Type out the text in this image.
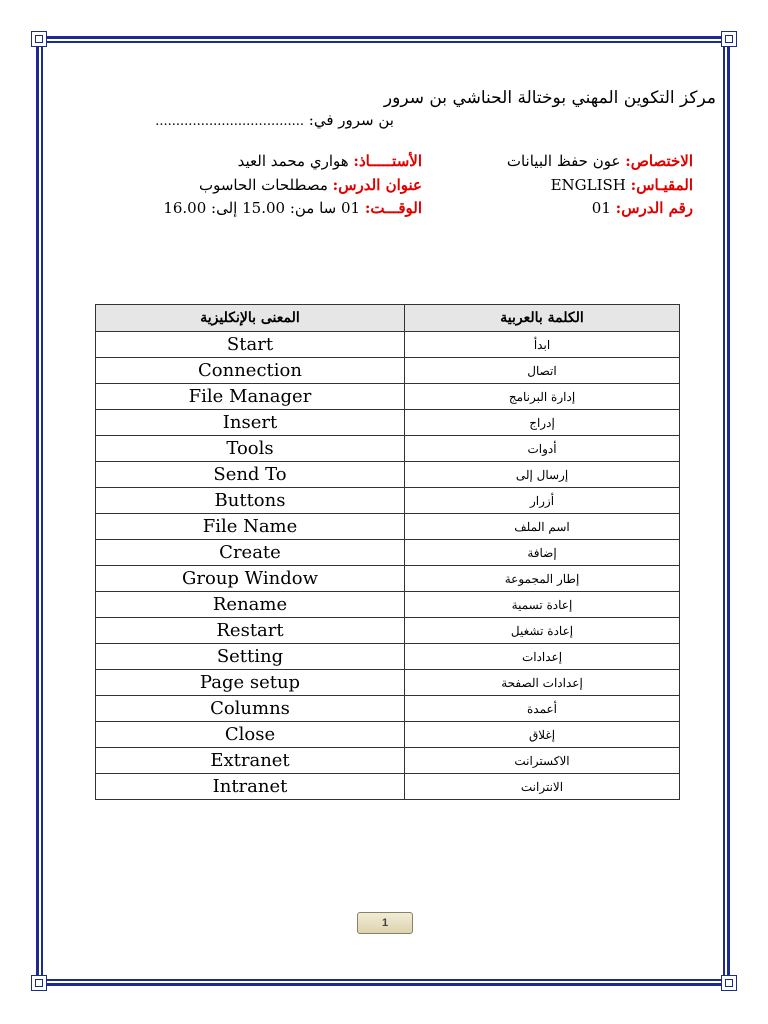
مركز التكوين المهني بوختالة الحناشي بن سرور
بن سرور في: ....................................
الاختصاص: عون حفظ البيانات
المقيـاس: ENGLISH
رقم الدرس: 01
الأستـــــاذ: هواري محمد العيد
عنوان الدرس: مصطلحات الحاسوب
الوقـــت: 01 سا من: 15.00 إلى: 16.00
المعنى بالإنكليزية	الكلمة بالعربية
Start	ابدأ
Connection	اتصال
File Manager	إدارة البرنامج
Insert	إدراج
Tools	أدوات
Send To	إرسال إلى
Buttons	أزرار
File Name	اسم الملف
Create	إضافة
Group Window	إطار المجموعة
Rename	إعادة تسمية
Restart	إعادة تشغيل
Setting	إعدادات
Page setup	إعدادات الصفحة
Columns	أعمدة
Close	إغلاق
Extranet	الاكسترانت
Intranet	الانترانت
1
